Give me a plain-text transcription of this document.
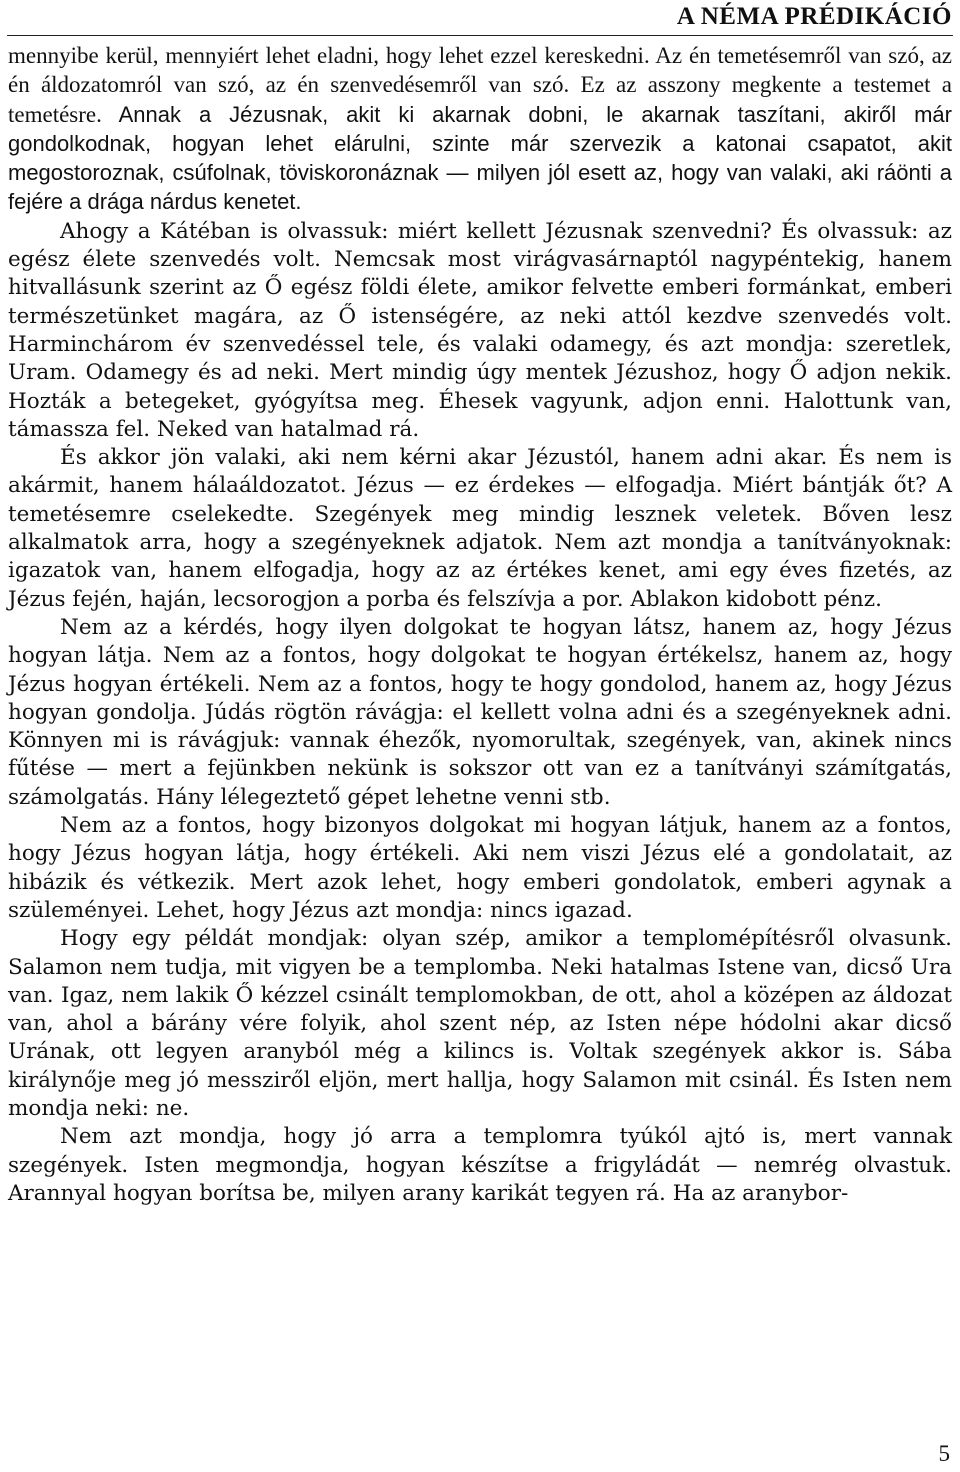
A NÉMA PRÉDIKÁCIÓ

mennyibe kerül, mennyiért lehet eladni, hogy lehet ezzel kereskedni. Az én temetésemről van szó, az én áldozatomról van szó, az én szenvedésemről van szó. Ez az asszony megkente a testemet a temetésre. Annak a Jézusnak, akit ki akarnak dobni, le akarnak taszítani, akiről már gondolkodnak, hogyan lehet elárulni, szinte már szervezik a katonai csapatot, akit megostoroznak, csúfolnak, töviskoronáznak — milyen jól esett az, hogy van valaki, aki ráönti a fejére a drága nárdus kenetet.

Ahogy a Kátéban is olvassuk: miért kellett Jézusnak szenvedni? És olvassuk: az egész élete szenvedés volt. Nemcsak most virágvasárnaptól nagypéntekig, hanem hitvallásunk szerint az Ő egész földi élete, amikor felvette emberi formánkat, emberi természetünket magára, az Ő istenségére, az neki attól kezdve szenvedés volt. Harminchárom év szenvedéssel tele, és valaki odamegy, és azt mondja: szeretlek, Uram. Odamegy és ad neki. Mert mindig úgy mentek Jézushoz, hogy Ő adjon nekik. Hozták a betegeket, gyógyítsa meg. Éhesek vagyunk, adjon enni. Halottunk van, támassza fel. Neked van hatalmad rá.

És akkor jön valaki, aki nem kérni akar Jézustól, hanem adni akar. És nem is akármit, hanem hálaáldozatot. Jézus — ez érdekes — elfogadja. Miért bántják őt? A temetésemre cselekedte. Szegények meg mindig lesznek veletek. Bőven lesz alkalmatok arra, hogy a szegényeknek adjatok. Nem azt mondja a tanítványoknak: igazatok van, hanem elfogadja, hogy az az értékes kenet, ami egy éves fizetés, az Jézus fején, haján, lecsorogjon a porba és felszívja a por. Ablakon kidobott pénz.

Nem az a kérdés, hogy ilyen dolgokat te hogyan látsz, hanem az, hogy Jézus hogyan látja. Nem az a fontos, hogy dolgokat te hogyan értékelsz, hanem az, hogy Jézus hogyan értékeli. Nem az a fontos, hogy te hogy gondolod, hanem az, hogy Jézus hogyan gondolja. Júdás rögtön rávágja: el kellett volna adni és a szegényeknek adni. Könnyen mi is rávágjuk: vannak éhezők, nyomorultak, szegények, van, akinek nincs fűtése — mert a fejünkben nekünk is sokszor ott van ez a tanítványi számítgatás, számolgatás. Hány lélegeztető gépet lehetne venni stb.

Nem az a fontos, hogy bizonyos dolgokat mi hogyan látjuk, hanem az a fontos, hogy Jézus hogyan látja, hogy értékeli. Aki nem viszi Jézus elé a gondolatait, az hibázik és vétkezik. Mert azok lehet, hogy emberi gondolatok, emberi agynak a szüleményei. Lehet, hogy Jézus azt mondja: nincs igazad.

Hogy egy példát mondjak: olyan szép, amikor a templomépítésről olvasunk. Salamon nem tudja, mit vigyen be a templomba. Neki hatalmas Istene van, dicső Ura van. Igaz, nem lakik Ő kézzel csinált templomokban, de ott, ahol a középen az áldozat van, ahol a bárány vére folyik, ahol szent nép, az Isten népe hódolni akar dicső Urának, ott legyen aranyból még a kilincs is. Voltak szegények akkor is. Sába királynője meg jó messziről eljön, mert hallja, hogy Salamon mit csinál. És Isten nem mondja neki: ne.

Nem azt mondja, hogy jó arra a templomra tyúkól ajtó is, mert vannak szegények. Isten megmondja, hogyan készítse a frigyládát — nemrég olvastuk. Arannyal hogyan borítsa be, milyen arany karikát tegyen rá. Ha az aranybor-

5
